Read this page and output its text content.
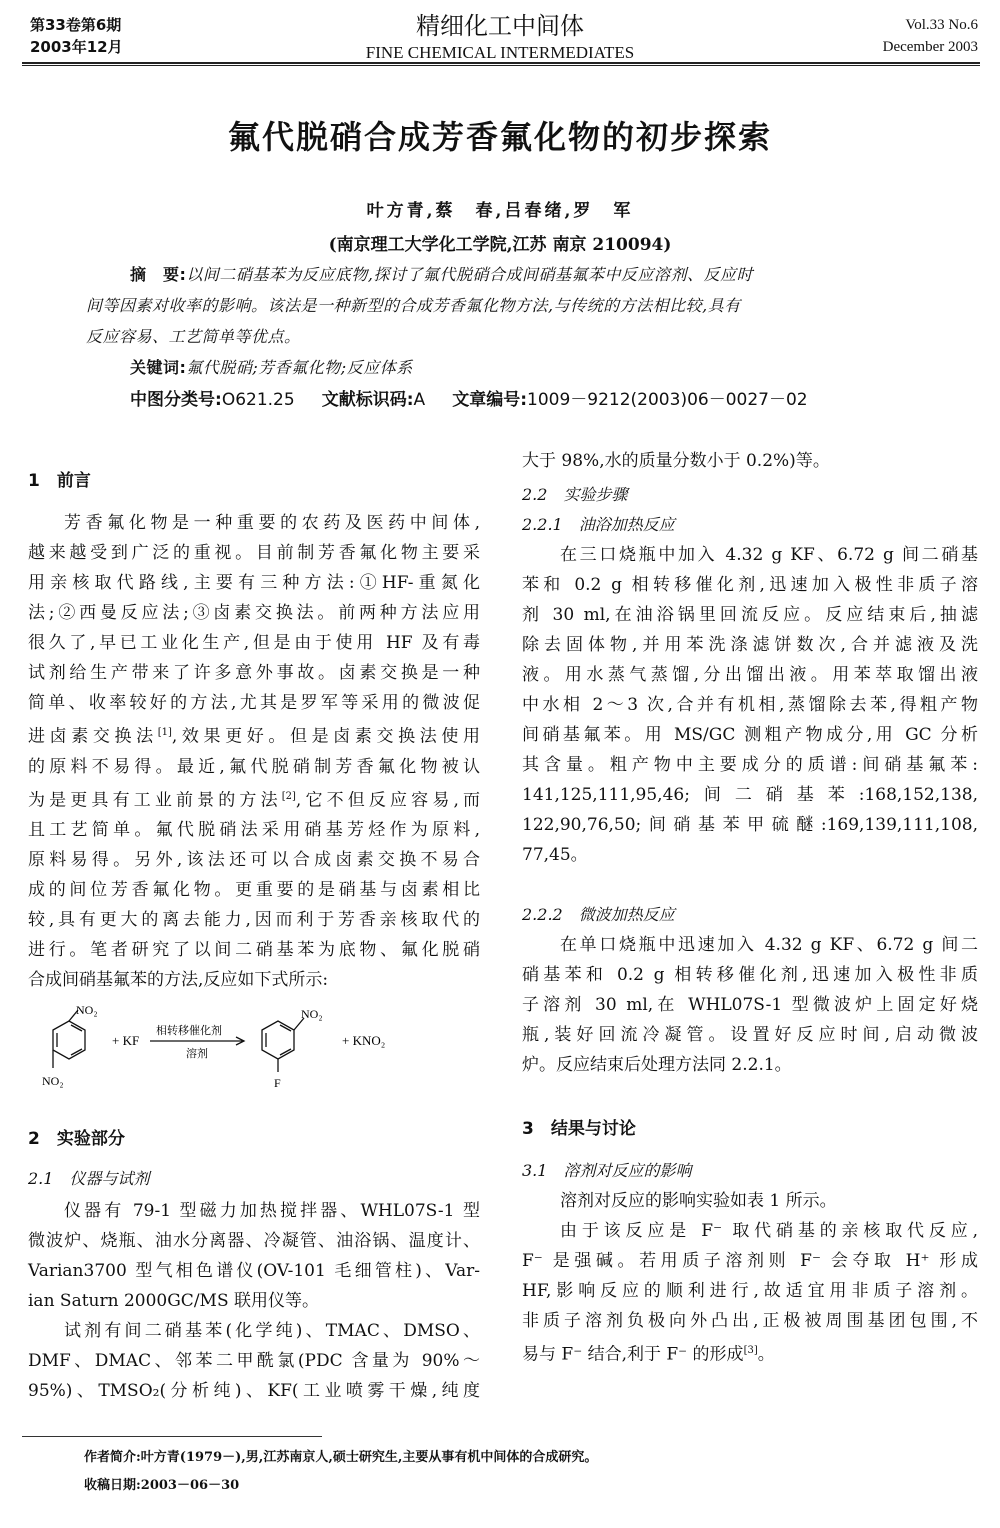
第33卷第6期
2003年12月
精细化工中间体
FINE CHEMICAL INTERMEDIATES
Vol.33 No.6
December 2003
氟代脱硝合成芳香氟化物的初步探索
叶方青,蔡　春,吕春绪,罗　军
(南京理工大学化工学院,江苏 南京 210094)
摘　要:以间二硝基苯为反应底物,探讨了氟代脱硝合成间硝基氟苯中反应溶剂、反应时
间等因素对收率的影响。该法是一种新型的合成芳香氟化物方法,与传统的方法相比较,具有
反应容易、工艺简单等优点。
关键词:氟代脱硝;芳香氟化物;反应体系
中图分类号:O621.25 文献标识码:A 文章编号:1009－9212(2003)06－0027－02
1　前言
芳香氟化物是一种重要的农药及医药中间体,
越来越受到广泛的重视。目前制芳香氟化物主要采
用亲核取代路线,主要有三种方法:①HF-重氮化
法;②西曼反应法;③卤素交换法。前两种方法应用
很久了,早已工业化生产,但是由于使用 HF 及有毒
试剂给生产带来了许多意外事故。卤素交换是一种
简单、收率较好的方法,尤其是罗军等采用的微波促
进卤素交换法[1],效果更好。但是卤素交换法使用
的原料不易得。最近,氟代脱硝制芳香氟化物被认
为是更具有工业前景的方法[2],它不但反应容易,而
且工艺简单。氟代脱硝法采用硝基芳烃作为原料,
原料易得。另外,该法还可以合成卤素交换不易合
成的间位芳香氟化物。更重要的是硝基与卤素相比
较,具有更大的离去能力,因而利于芳香亲核取代的
进行。笔者研究了以间二硝基苯为底物、氟化脱硝
合成间硝基氟苯的方法,反应如下式所示:
NO₂
NO₂
+ KF
相转移催化剂
溶剂
NO₂
F
+ KNO₂
2　实验部分
2.1　仪器与试剂
仪器有 79-1 型磁力加热搅拌器、WHL07S-1 型
微波炉、烧瓶、油水分离器、冷凝管、油浴锅、温度计、
Varian3700 型气相色谱仪(OV-101 毛细管柱)、Var-
ian Saturn 2000GC/MS 联用仪等。
试剂有间二硝基苯(化学纯)、TMAC、DMSO、
DMF、DMAC、邻苯二甲酰氯(PDC 含量为 90%～
95%)、TMSO₂(分析纯)、KF(工业喷雾干燥,纯度
大于 98%,水的质量分数小于 0.2%)等。
2.2　实验步骤
2.2.1　油浴加热反应
在三口烧瓶中加入 4.32 g KF、6.72 g 间二硝基
苯和 0.2 g 相转移催化剂,迅速加入极性非质子溶
剂 30 ml,在油浴锅里回流反应。反应结束后,抽滤
除去固体物,并用苯洗涤滤饼数次,合并滤液及洗
液。用水蒸气蒸馏,分出馏出液。用苯萃取馏出液
中水相 2～3 次,合并有机相,蒸馏除去苯,得粗产物
间硝基氟苯。用 MS/GC 测粗产物成分,用 GC 分析
其含量。粗产物中主要成分的质谱:间硝基氟苯:
141,125,111,95,46;间二硝基苯:168,152,138,
122,90,76,50;间硝基苯甲硫醚:169,139,111,108,
77,45。
2.2.2　微波加热反应
在单口烧瓶中迅速加入 4.32 g KF、6.72 g 间二
硝基苯和 0.2 g 相转移催化剂,迅速加入极性非质
子溶剂 30 ml,在 WHL07S-1 型微波炉上固定好烧
瓶,装好回流冷凝管。设置好反应时间,启动微波
炉。反应结束后处理方法同 2.2.1。
3　结果与讨论
3.1　溶剂对反应的影响
溶剂对反应的影响实验如表 1 所示。
由于该反应是 F⁻ 取代硝基的亲核取代反应,
F⁻ 是强碱。若用质子溶剂则 F⁻ 会夺取 H⁺ 形成
HF,影响反应的顺利进行,故适宜用非质子溶剂。
非质子溶剂负极向外凸出,正极被周围基团包围,不
易与 F⁻ 结合,利于 F⁻ 的形成[3]。
作者简介:叶方青(1979－),男,江苏南京人,硕士研究生,主要从事有机中间体的合成研究。
收稿日期:2003－06－30
